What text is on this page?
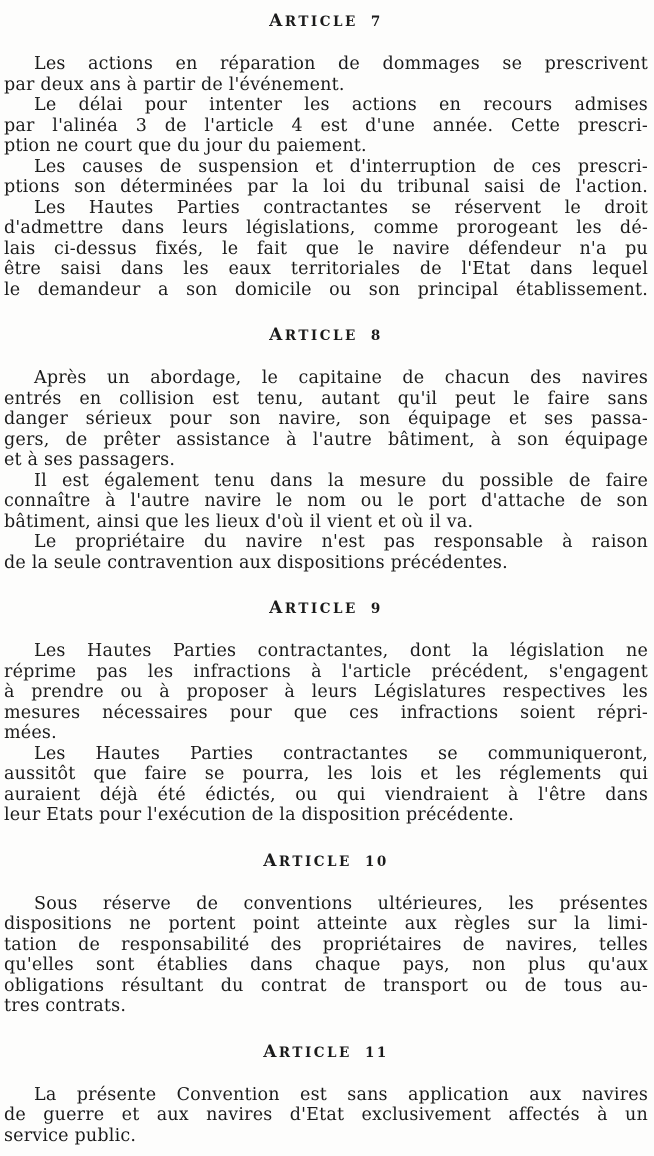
ARTICLE 7

Les actions en réparation de dommages se prescrivent
par deux ans à partir de l'événement.

Le délai pour intenter les actions en recours admises
par l'alinéa 3 de l'article 4 est d'une année. Cette prescri-
ption ne court que du jour du paiement.

Les causes de suspension et d'interruption de ces prescri-
ptions son déterminées par la loi du tribunal saisi de l'action.

Les Hautes Parties contractantes se réservent le droit
d'admettre dans leurs législations, comme prorogeant les dé-
lais ci-dessus fixés, le fait que le navire défendeur n'a pu
être saisi dans les eaux territoriales de l'Etat dans lequel
le demandeur a son domicile ou son principal établissement.

ARTICLE 8

Après un abordage, le capitaine de chacun des navires
entrés en collision est tenu, autant qu'il peut le faire sans
danger sérieux pour son navire, son équipage et ses passa-
gers, de prêter assistance à l'autre bâtiment, à son équipage
et à ses passagers.

Il est également tenu dans la mesure du possible de faire
connaître à l'autre navire le nom ou le port d'attache de son
bâtiment, ainsi que les lieux d'où il vient et où il va.

Le propriétaire du navire n'est pas responsable à raison
de la seule contravention aux dispositions précédentes.

ARTICLE 9

Les Hautes Parties contractantes, dont la législation ne
réprime pas les infractions à l'article précédent, s'engagent
à prendre ou à proposer à leurs Législatures respectives les
mesures nécessaires pour que ces infractions soient répri-
mées.

Les Hautes Parties contractantes se communiqueront,
aussitôt que faire se pourra, les lois et les réglements qui
auraient déjà été édictés, ou qui viendraient à l'être dans
leur Etats pour l'exécution de la disposition précédente.

ARTICLE 10

Sous réserve de conventions ultérieures, les présentes
dispositions ne portent point atteinte aux règles sur la limi-
tation de responsabilité des propriétaires de navires, telles
qu'elles sont établies dans chaque pays, non plus qu'aux
obligations résultant du contrat de transport ou de tous au-
tres contrats.

ARTICLE 11

La présente Convention est sans application aux navires
de guerre et aux navires d'Etat exclusivement affectés à un
service public.
